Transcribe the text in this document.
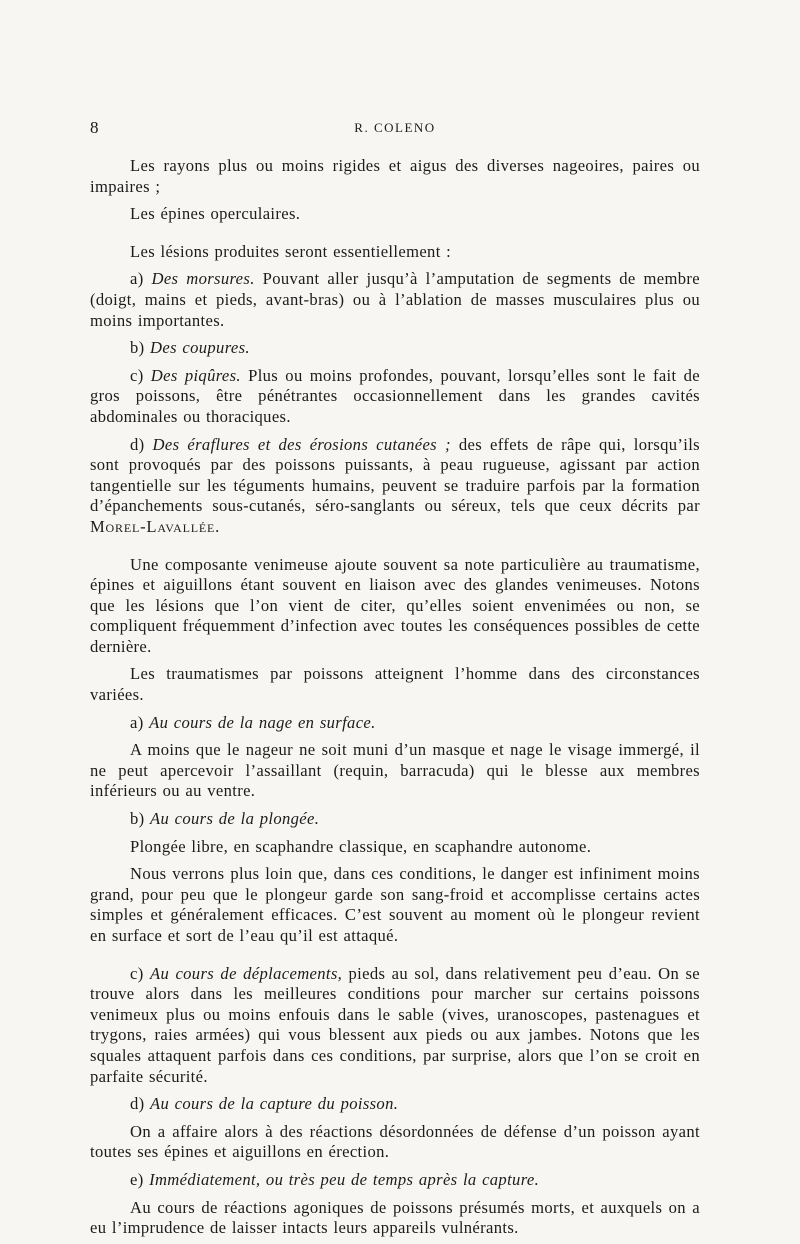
8	R. COLENO

Les rayons plus ou moins rigides et aigus des diverses nageoires, paires ou impaires ;

Les épines operculaires.

Les lésions produites seront essentiellement :

a) Des morsures. Pouvant aller jusqu’à l’amputation de segments de membre (doigt, mains et pieds, avant-bras) ou à l’ablation de masses musculaires plus ou moins importantes.

b) Des coupures.

c) Des piqûres. Plus ou moins profondes, pouvant, lorsqu’elles sont le fait de gros poissons, être pénétrantes occasionnellement dans les grandes cavités abdominales ou thoraciques.

d) Des éraflures et des érosions cutanées ; des effets de râpe qui, lorsqu’ils sont provoqués par des poissons puissants, à peau rugueuse, agissant par action tangentielle sur les téguments humains, peuvent se traduire parfois par la formation d’épanchements sous-cutanés, séro-sanglants ou séreux, tels que ceux décrits par Morel-Lavallée.

Une composante venimeuse ajoute souvent sa note particulière au traumatisme, épines et aiguillons étant souvent en liaison avec des glandes venimeuses. Notons que les lésions que l’on vient de citer, qu’elles soient envenimées ou non, se compliquent fréquemment d’infection avec toutes les conséquences possibles de cette dernière.

Les traumatismes par poissons atteignent l’homme dans des circonstances variées.

a) Au cours de la nage en surface.

A moins que le nageur ne soit muni d’un masque et nage le visage immergé, il ne peut apercevoir l’assaillant (requin, barracuda) qui le blesse aux membres inférieurs ou au ventre.

b) Au cours de la plongée.

Plongée libre, en scaphandre classique, en scaphandre autonome.

Nous verrons plus loin que, dans ces conditions, le danger est infiniment moins grand, pour peu que le plongeur garde son sang-froid et accomplisse certains actes simples et généralement efficaces. C’est souvent au moment où le plongeur revient en surface et sort de l’eau qu’il est attaqué.

c) Au cours de déplacements, pieds au sol, dans relativement peu d’eau. On se trouve alors dans les meilleures conditions pour marcher sur certains poissons venimeux plus ou moins enfouis dans le sable (vives, uranoscopes, pastenagues et trygons, raies armées) qui vous blessent aux pieds ou aux jambes. Notons que les squales attaquent parfois dans ces conditions, par surprise, alors que l’on se croit en parfaite sécurité.

d) Au cours de la capture du poisson.

On a affaire alors à des réactions désordonnées de défense d’un poisson ayant toutes ses épines et aiguillons en érection.

e) Immédiatement, ou très peu de temps après la capture.

Au cours de réactions agoniques de poissons présumés morts, et auxquels on a eu l’imprudence de laisser intacts leurs appareils vulnérants.
